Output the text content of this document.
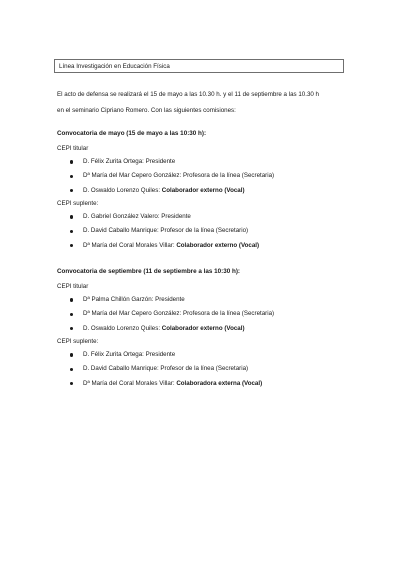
Línea Investigación en Educación Física
El acto de defensa se realizará el 15 de mayo a las 10.30 h. y el 11 de septiembre a las 10.30 h
en el seminario Cipriano Romero. Con las siguientes comisiones:
Convocatoria de mayo (15 de mayo a las 10:30 h):
CEPI titular
D. Félix Zurita Ortega: Presidente
Dª María del Mar Cepero González: Profesora de la línea (Secretaria)
D. Oswaldo Lorenzo Quiles: Colaborador externo (Vocal)
CEPI suplente:
D. Gabriel González Valero: Presidente
D. David Caballo Manrique: Profesor de la línea (Secretario)
Dª María del Coral Morales Villar: Colaborador externo (Vocal)
Convocatoria de septiembre (11 de septiembre a las 10:30 h):
CEPI titular
Dª Palma Chillón Garzón: Presidente
Dª María del Mar Cepero González: Profesora de la línea (Secretaria)
D. Oswaldo Lorenzo Quiles: Colaborador externo (Vocal)
CEPI suplente:
D. Félix Zurita Ortega: Presidente
D. David Caballo Manrique: Profesor de la línea (Secretaria)
Dª María del Coral Morales Villar: Colaboradora externa (Vocal)
